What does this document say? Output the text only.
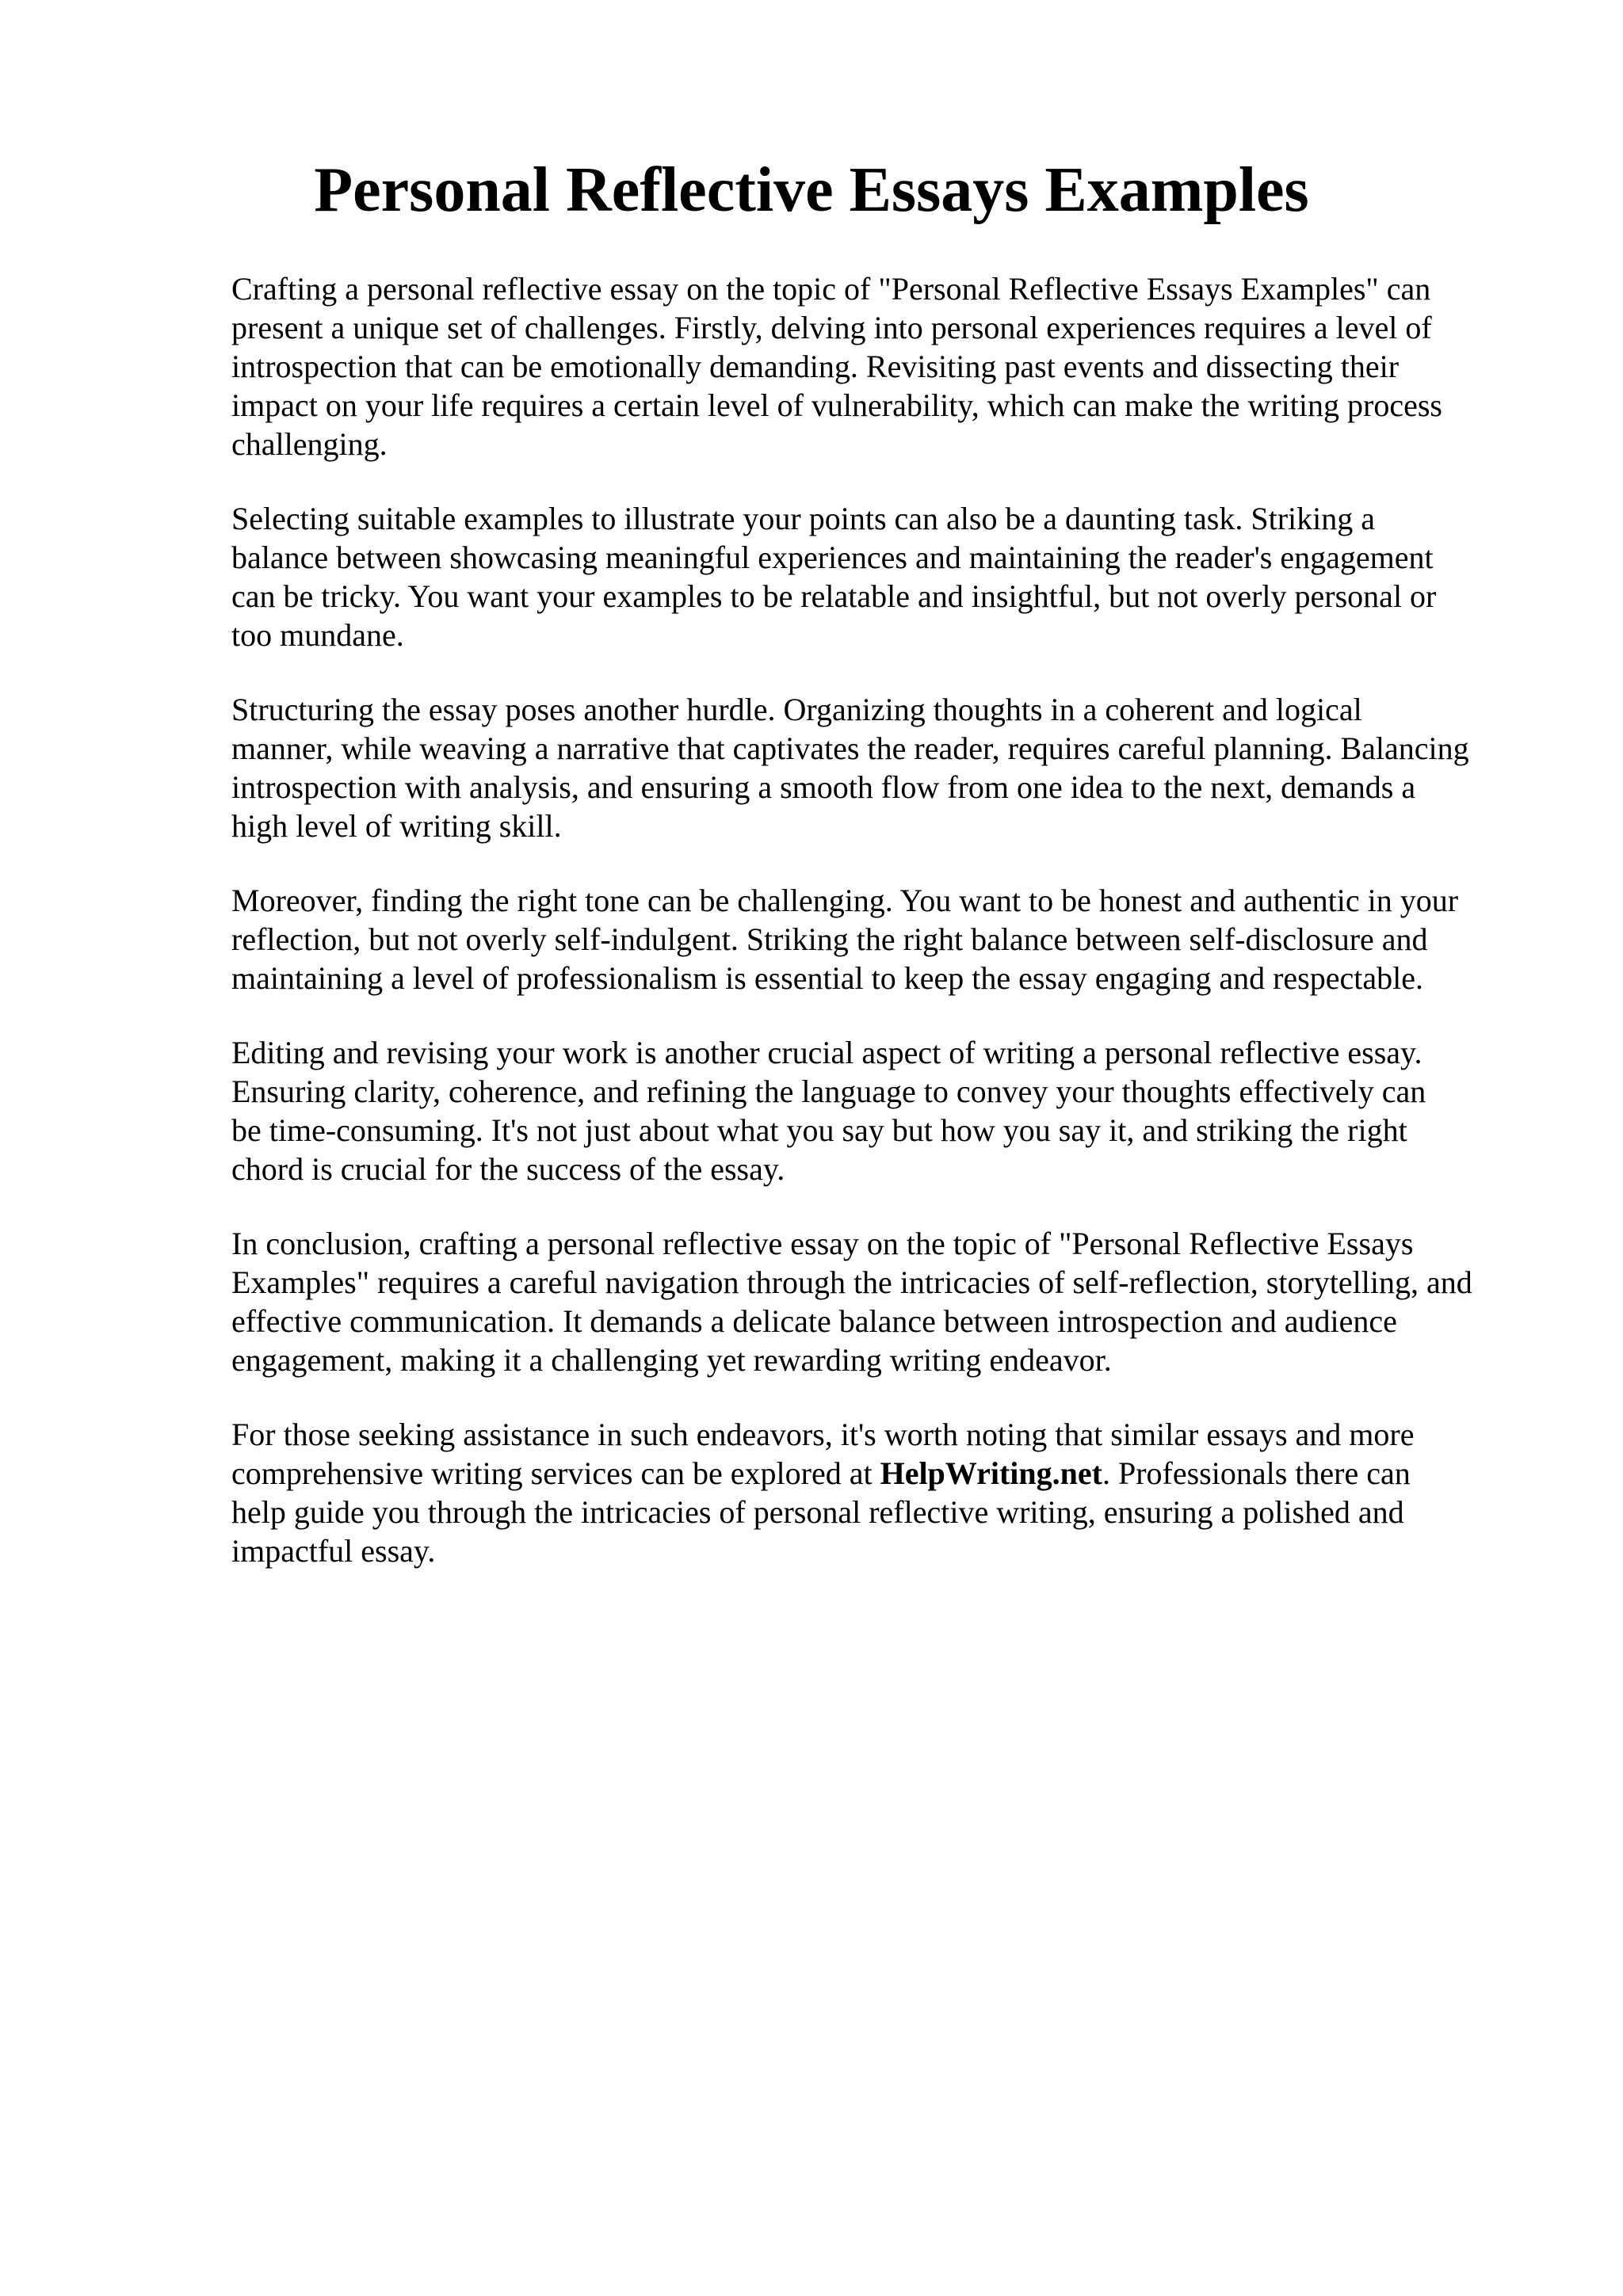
Personal Reflective Essays Examples

Crafting a personal reflective essay on the topic of "Personal Reflective Essays Examples" can
present a unique set of challenges. Firstly, delving into personal experiences requires a level of
introspection that can be emotionally demanding. Revisiting past events and dissecting their
impact on your life requires a certain level of vulnerability, which can make the writing process
challenging.

Selecting suitable examples to illustrate your points can also be a daunting task. Striking a
balance between showcasing meaningful experiences and maintaining the reader's engagement
can be tricky. You want your examples to be relatable and insightful, but not overly personal or
too mundane.

Structuring the essay poses another hurdle. Organizing thoughts in a coherent and logical
manner, while weaving a narrative that captivates the reader, requires careful planning. Balancing
introspection with analysis, and ensuring a smooth flow from one idea to the next, demands a
high level of writing skill.

Moreover, finding the right tone can be challenging. You want to be honest and authentic in your
reflection, but not overly self-indulgent. Striking the right balance between self-disclosure and
maintaining a level of professionalism is essential to keep the essay engaging and respectable.

Editing and revising your work is another crucial aspect of writing a personal reflective essay.
Ensuring clarity, coherence, and refining the language to convey your thoughts effectively can
be time-consuming. It's not just about what you say but how you say it, and striking the right
chord is crucial for the success of the essay.

In conclusion, crafting a personal reflective essay on the topic of "Personal Reflective Essays
Examples" requires a careful navigation through the intricacies of self-reflection, storytelling, and
effective communication. It demands a delicate balance between introspection and audience
engagement, making it a challenging yet rewarding writing endeavor.

For those seeking assistance in such endeavors, it's worth noting that similar essays and more
comprehensive writing services can be explored at HelpWriting.net. Professionals there can
help guide you through the intricacies of personal reflective writing, ensuring a polished and
impactful essay.
